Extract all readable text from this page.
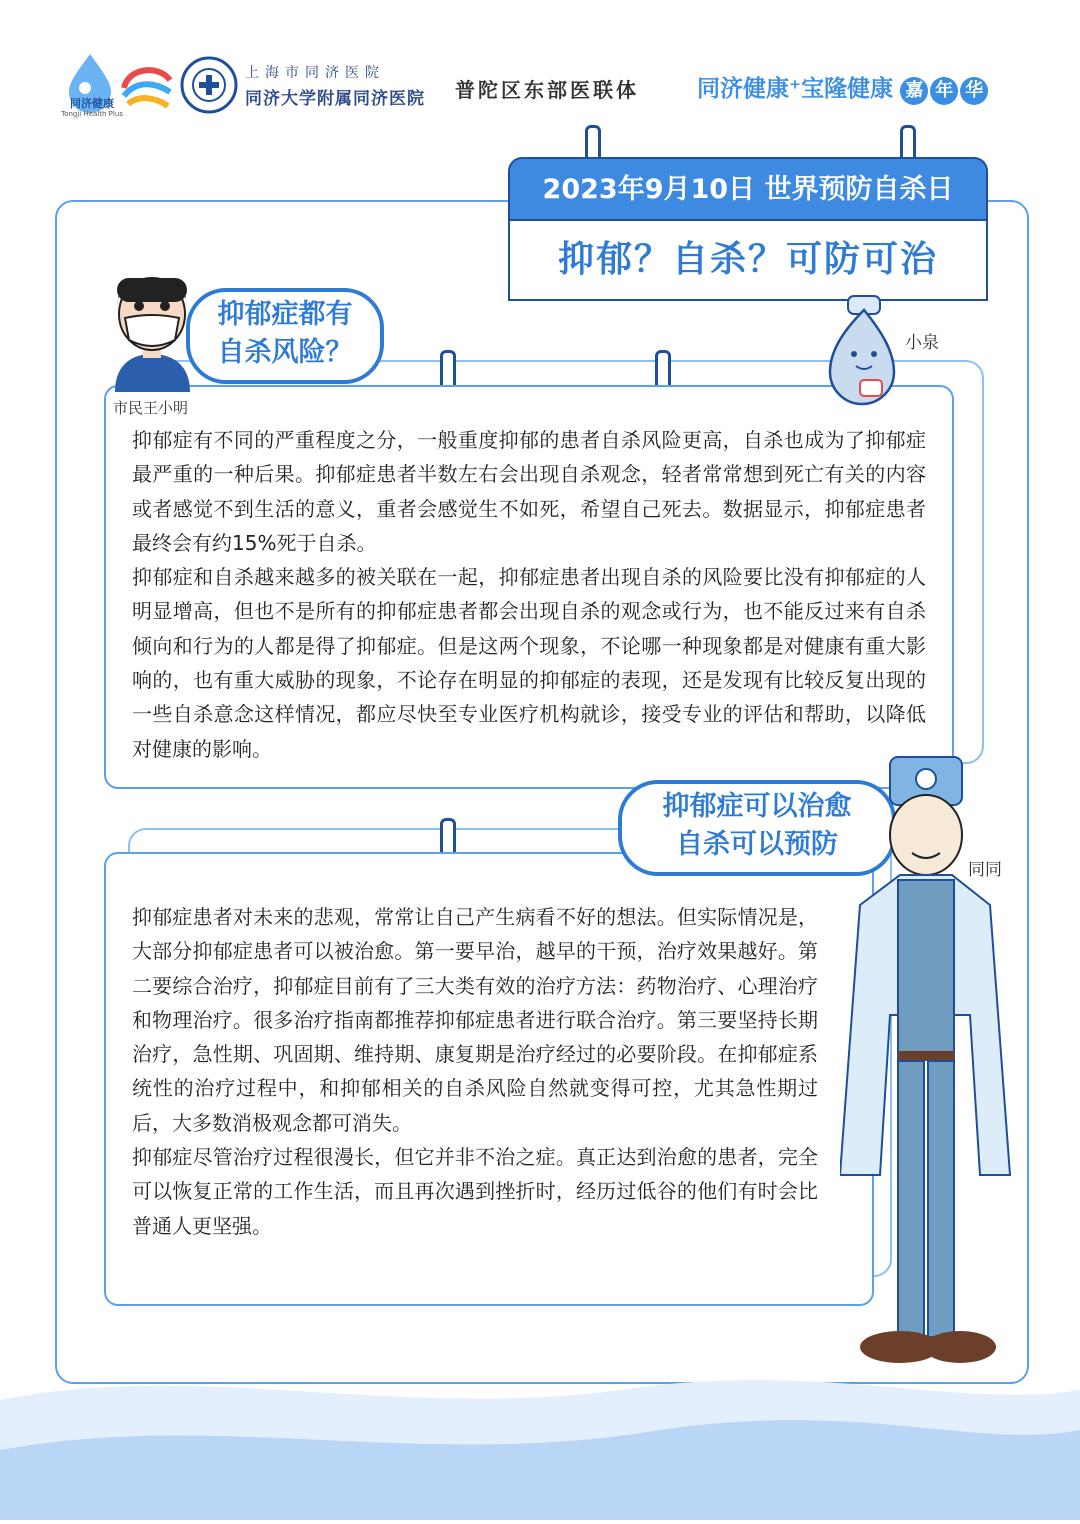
同济健康
Tongji Health Plus
上海市同济医院
同济大学附属同济医院 普陀区东部医联体	同济健康⁺宝隆健康 嘉 年 华
2023年9月10日 世界预防自杀日
抑郁？自杀？可防可治

抑郁症有不同的严重程度之分，一般重度抑郁的患者自杀风险更高，自杀也成为了抑郁症最严重的一种后果。抑郁症患者半数左右会出现自杀观念，轻者常常想到死亡有关的内容或者感觉不到生活的意义，重者会感觉生不如死，希望自己死去。数据显示，抑郁症患者最终会有约15%死于自杀。

抑郁症和自杀越来越多的被关联在一起，抑郁症患者出现自杀的风险要比没有抑郁症的人明显增高，但也不是所有的抑郁症患者都会出现自杀的观念或行为，也不能反过来有自杀倾向和行为的人都是得了抑郁症。但是这两个现象，不论哪一种现象都是对健康有重大影响的，也有重大威胁的现象，不论存在明显的抑郁症的表现，还是发现有比较反复出现的一些自杀意念这样情况，都应尽快至专业医疗机构就诊，接受专业的评估和帮助，以降低对健康的影响。

市民王小明
抑郁症都有
自杀风险？	小泉

抑郁症患者对未来的悲观，常常让自己产生病看不好的想法。但实际情况是，大部分抑郁症患者可以被治愈。第一要早治，越早的干预，治疗效果越好。第二要综合治疗，抑郁症目前有了三大类有效的治疗方法：药物治疗、心理治疗和物理治疗。很多治疗指南都推荐抑郁症患者进行联合治疗。第三要坚持长期治疗，急性期、巩固期、维持期、康复期是治疗经过的必要阶段。在抑郁症系统性的治疗过程中，和抑郁相关的自杀风险自然就变得可控，尤其急性期过后，大多数消极观念都可消失。

抑郁症尽管治疗过程很漫长，但它并非不治之症。真正达到治愈的患者，完全可以恢复正常的工作生活，而且再次遇到挫折时，经历过低谷的他们有时会比普通人更坚强。

抑郁症可以治愈
自杀可以预防
同同
